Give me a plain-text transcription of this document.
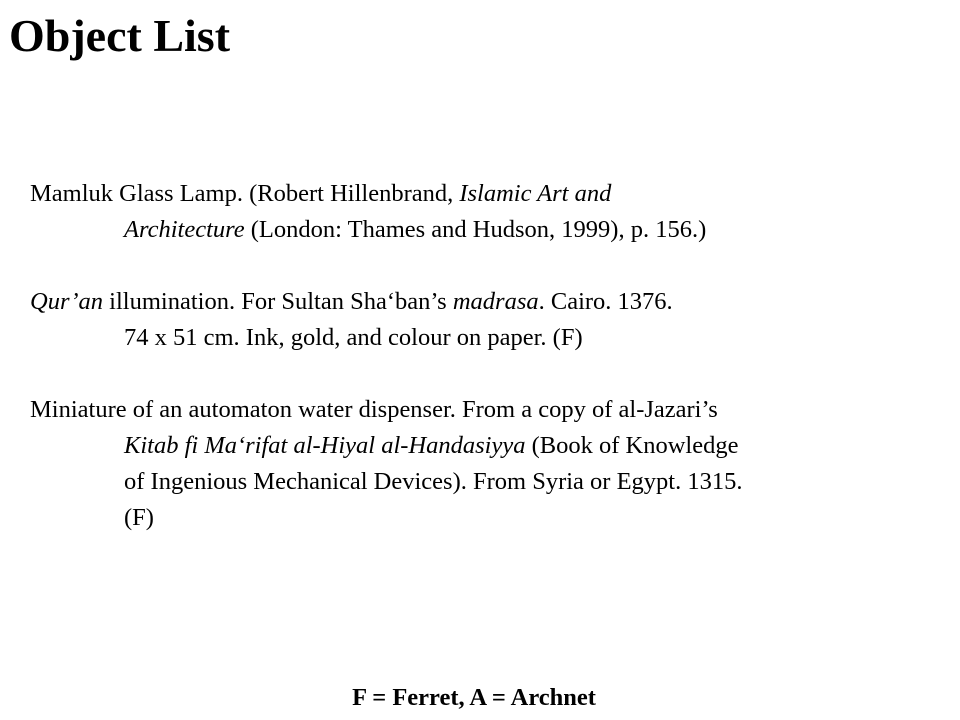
Object List

Mamluk Glass Lamp. (Robert Hillenbrand, Islamic Art and
Architecture (London: Thames and Hudson, 1999), p. 156.)

Qur’an illumination. For Sultan Sha‘ban’s madrasa. Cairo. 1376.
74 x 51 cm. Ink, gold, and colour on paper. (F)

Miniature of an automaton water dispenser. From a copy of al-Jazari’s
Kitab fi Ma‘rifat al-Hiyal al-Handasiyya (Book of Knowledge
of Ingenious Mechanical Devices). From Syria or Egypt. 1315.
(F)

F = Ferret, A = Archnet
